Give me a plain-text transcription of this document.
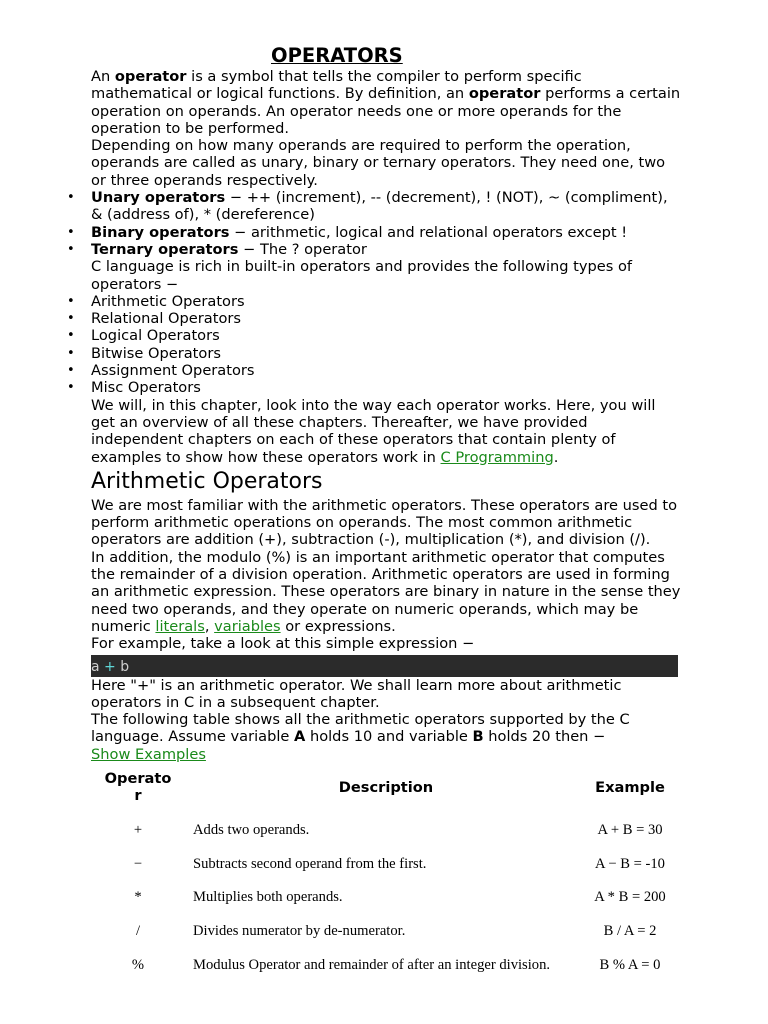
OPERATORS

An operator is a symbol that tells the compiler to perform specific mathematical or logical functions. By definition, an operator performs a certain operation on operands. An operator needs one or more operands for the operation to be performed.

Depending on how many operands are required to perform the operation, operands are called as unary, binary or ternary operators. They need one, two or three operands respectively.

• Unary operators − ++ (increment), -- (decrement), ! (NOT), ~ (compliment), & (address of), * (dereference)
• Binary operators − arithmetic, logical and relational operators except !
• Ternary operators − The ? operator

C language is rich in built-in operators and provides the following types of operators −

• Arithmetic Operators
• Relational Operators
• Logical Operators
• Bitwise Operators
• Assignment Operators
• Misc Operators

We will, in this chapter, look into the way each operator works. Here, you will get an overview of all these chapters. Thereafter, we have provided independent chapters on each of these operators that contain plenty of examples to show how these operators work in C Programming.

Arithmetic Operators

We are most familiar with the arithmetic operators. These operators are used to perform arithmetic operations on operands. The most common arithmetic operators are addition (+), subtraction (-), multiplication (*), and division (/).

In addition, the modulo (%) is an important arithmetic operator that computes the remainder of a division operation. Arithmetic operators are used in forming an arithmetic expression. These operators are binary in nature in the sense they need two operands, and they operate on numeric operands, which may be numeric literals, variables or expressions.

For example, take a look at this simple expression −

a + b

Here "+" is an arithmetic operator. We shall learn more about arithmetic operators in C in a subsequent chapter.

The following table shows all the arithmetic operators supported by the C language. Assume variable A holds 10 and variable B holds 20 then −

Show Examples

Operato r	Description	Example
+	Adds two operands.	A + B = 30
−	Subtracts second operand from the first.	A − B = -10
*	Multiplies both operands.	A * B = 200
/	Divides numerator by de-numerator.	B / A = 2
%	Modulus Operator and remainder of after an integer division.	B % A = 0
